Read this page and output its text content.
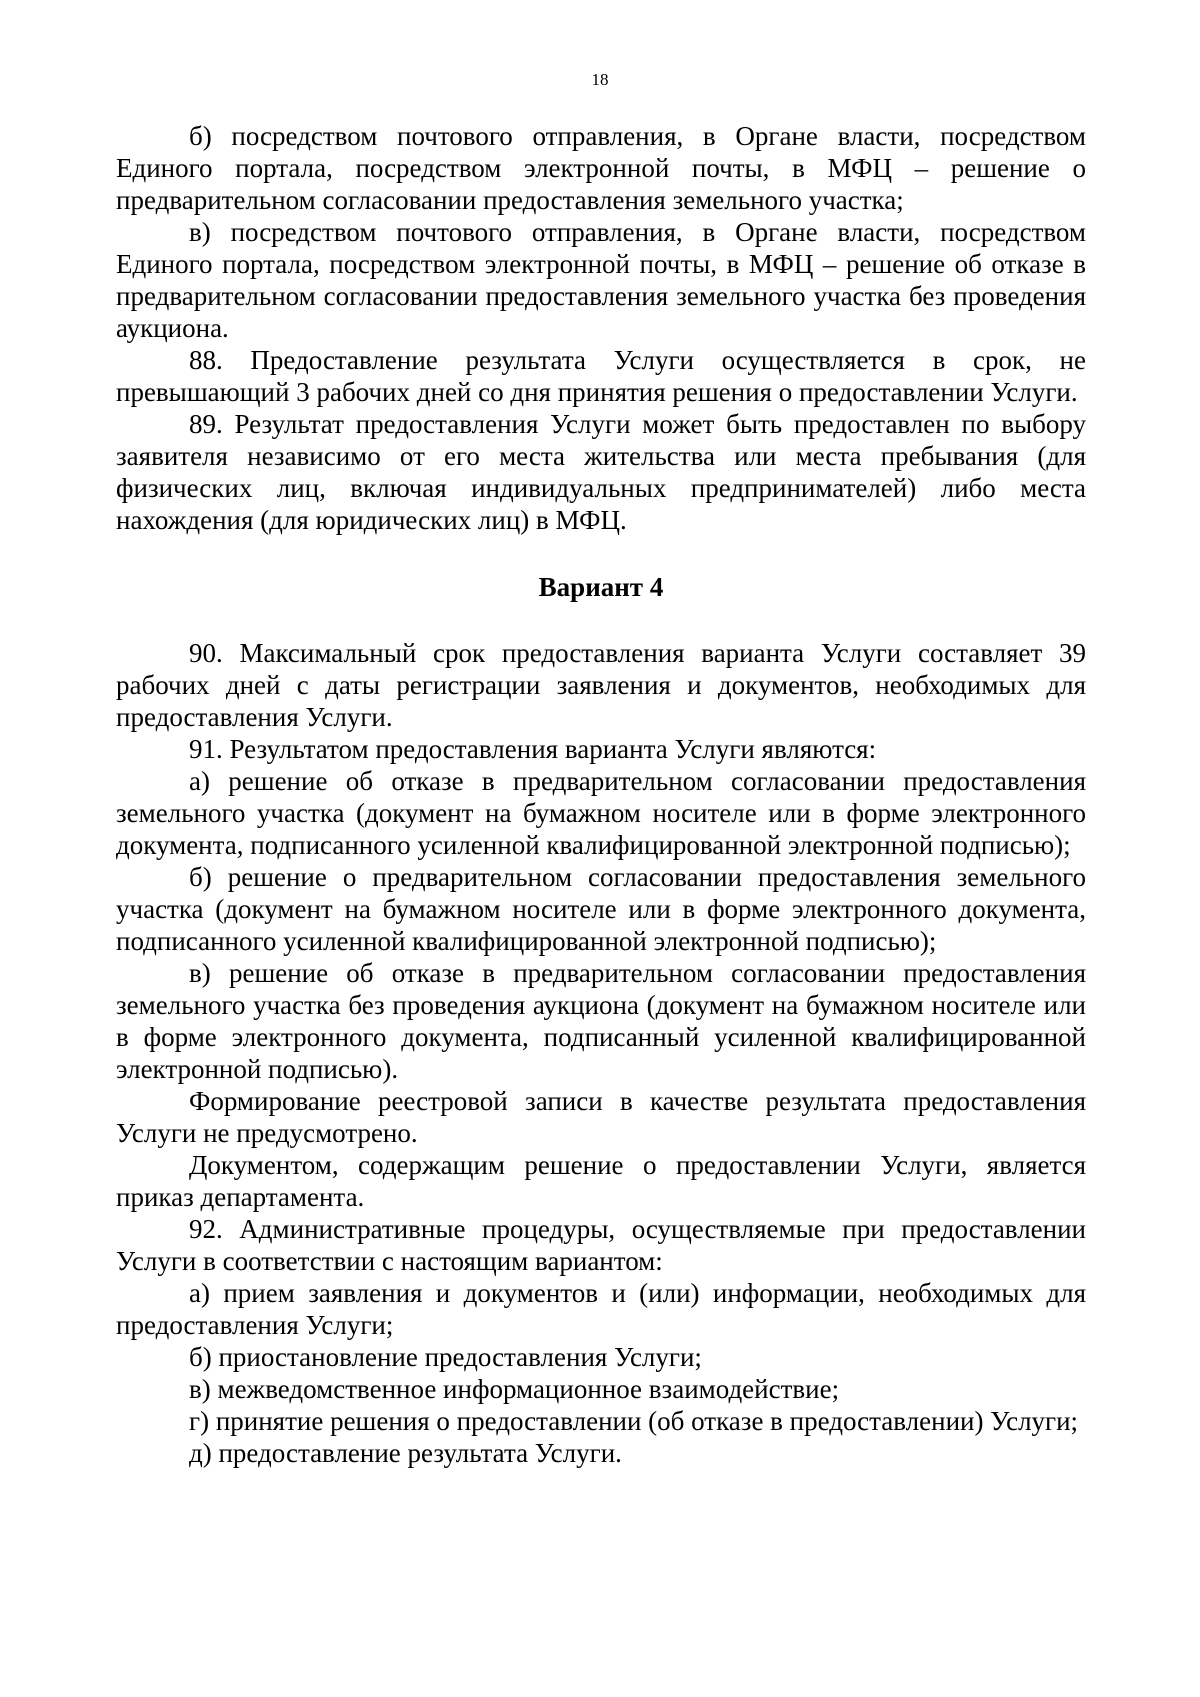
18

б) посредством почтового отправления, в Органе власти, посредством Единого портала, посредством электронной почты, в МФЦ – решение о предварительном согласовании предоставления земельного участка;

в) посредством почтового отправления, в Органе власти, посредством Единого портала, посредством электронной почты, в МФЦ – решение об отказе в предварительном согласовании предоставления земельного участка без проведения аукциона.

88. Предоставление результата Услуги осуществляется в срок, не превышающий 3 рабочих дней со дня принятия решения о предоставлении Услуги.

89. Результат предоставления Услуги может быть предоставлен по выбору заявителя независимо от его места жительства или места пребывания (для физических лиц, включая индивидуальных предпринимателей) либо места нахождения (для юридических лиц) в МФЦ.

Вариант 4

90. Максимальный срок предоставления варианта Услуги составляет 39 рабочих дней с даты регистрации заявления и документов, необходимых для предоставления Услуги.

91. Результатом предоставления варианта Услуги являются:

а) решение об отказе в предварительном согласовании предоставления земельного участка (документ на бумажном носителе или в форме электронного документа, подписанного усиленной квалифицированной электронной подписью);

б) решение о предварительном согласовании предоставления земельного участка (документ на бумажном носителе или в форме электронного документа, подписанного усиленной квалифицированной электронной подписью);

в) решение об отказе в предварительном согласовании предоставления земельного участка без проведения аукциона (документ на бумажном носителе или в форме электронного документа, подписанный усиленной квалифицированной электронной подписью).

Формирование реестровой записи в качестве результата предоставления Услуги не предусмотрено.

Документом, содержащим решение о предоставлении Услуги, является приказ департамента.

92. Административные процедуры, осуществляемые при предоставлении Услуги в соответствии с настоящим вариантом:

а) прием заявления и документов и (или) информации, необходимых для предоставления Услуги;

б) приостановление предоставления Услуги;

в) межведомственное информационное взаимодействие;

г) принятие решения о предоставлении (об отказе в предоставлении) Услуги;

д) предоставление результата Услуги.
